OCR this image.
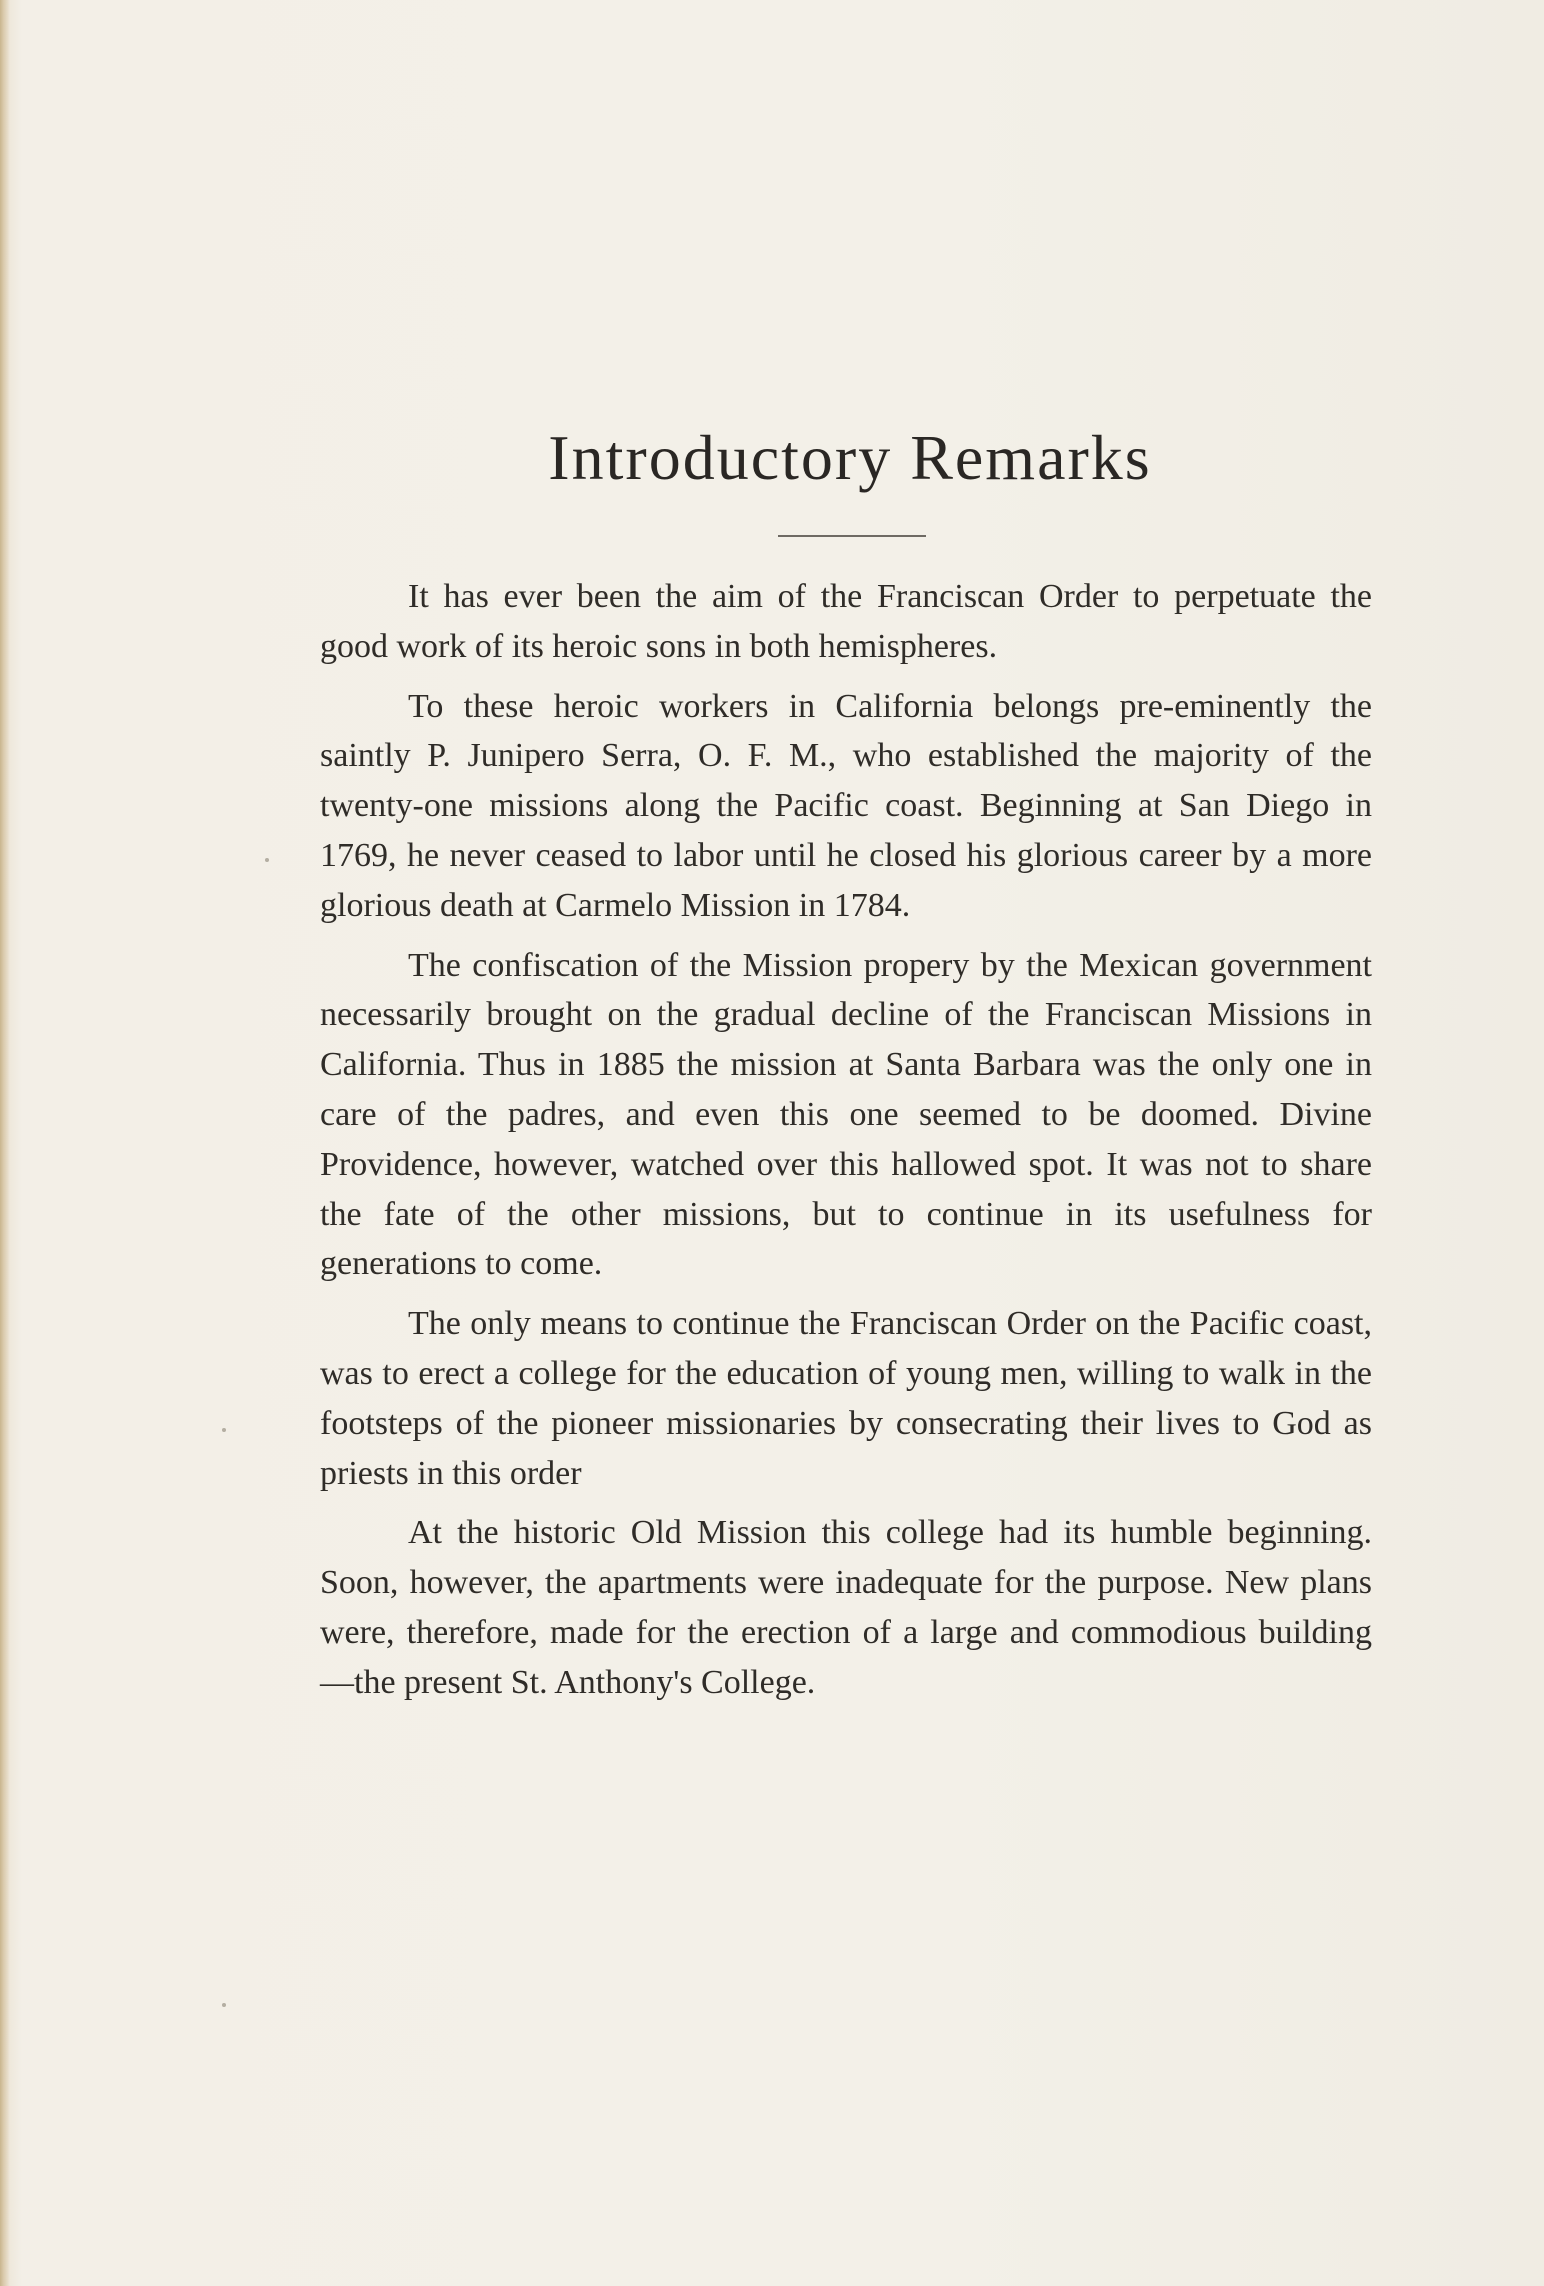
Introductory Remarks

It has ever been the aim of the Franciscan Order to perpetuate the good work of its heroic sons in both hemispheres.

To these heroic workers in California belongs pre-eminently the saintly P. Junipero Serra, O. F. M., who established the majority of the twenty-one missions along the Pacific coast. Beginning at San Diego in 1769, he never ceased to labor until he closed his glorious career by a more glorious death at Carmelo Mission in 1784.

The confiscation of the Mission propery by the Mexican government necessarily brought on the gradual decline of the Franciscan Missions in California. Thus in 1885 the mission at Santa Barbara was the only one in care of the padres, and even this one seemed to be doomed. Divine Providence, however, watched over this hallowed spot. It was not to share the fate of the other missions, but to continue in its usefulness for generations to come.

The only means to continue the Franciscan Order on the Pacific coast, was to erect a college for the education of young men, willing to walk in the footsteps of the pioneer missionaries by consecrating their lives to God as priests in this order

At the historic Old Mission this college had its humble beginning. Soon, however, the apartments were inadequate for the purpose. New plans were, therefore, made for the erection of a large and commodious building —the present St. Anthony's College.
